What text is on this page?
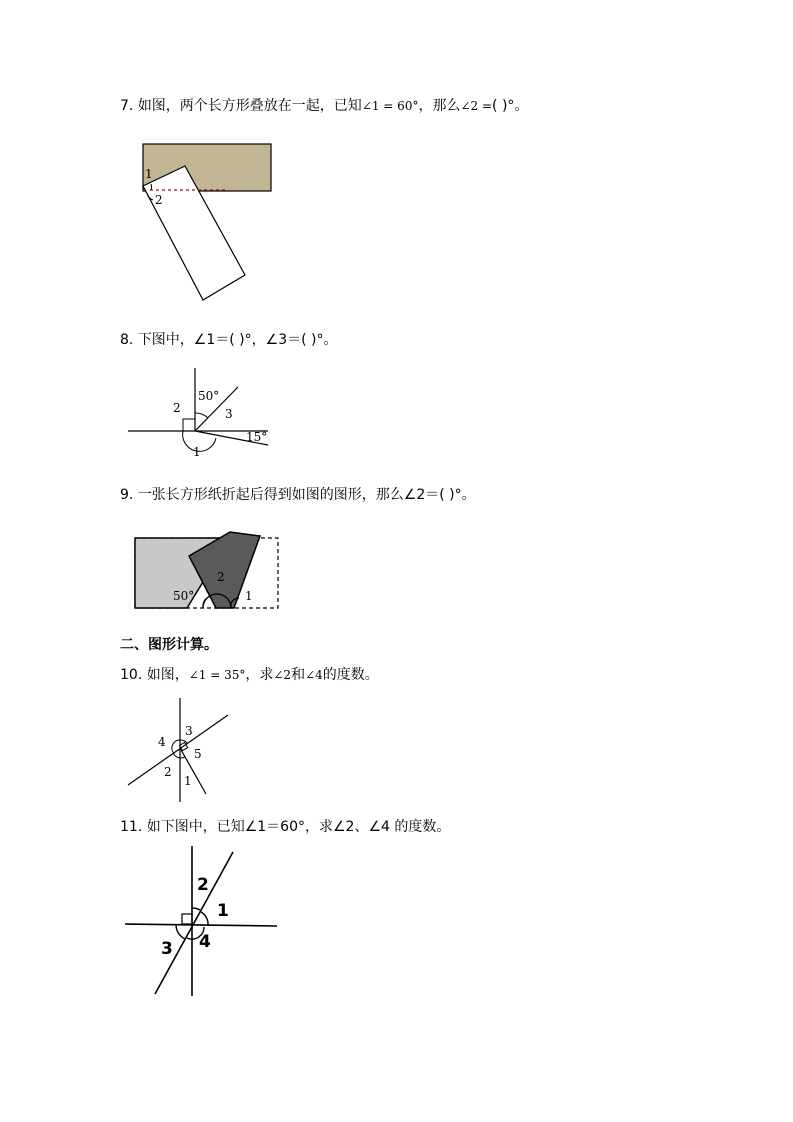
7. 如图，两个长方形叠放在一起，已知∠1 = 60°，那么∠2 =( )°。
1
2
8. 下图中，∠1＝( )°，∠3＝( )°。
50°
3
2
15°
1
9. 一张长方形纸折起后得到如图的图形，那么∠2＝( )°。
2
50°	1
二、图形计算。
10. 如图，∠1 = 35°，求∠2和∠4的度数。
3
4
5
2
1
11. 如下图中，已知∠1＝60°，求∠2、∠4 的度数。
2
1
3 4
